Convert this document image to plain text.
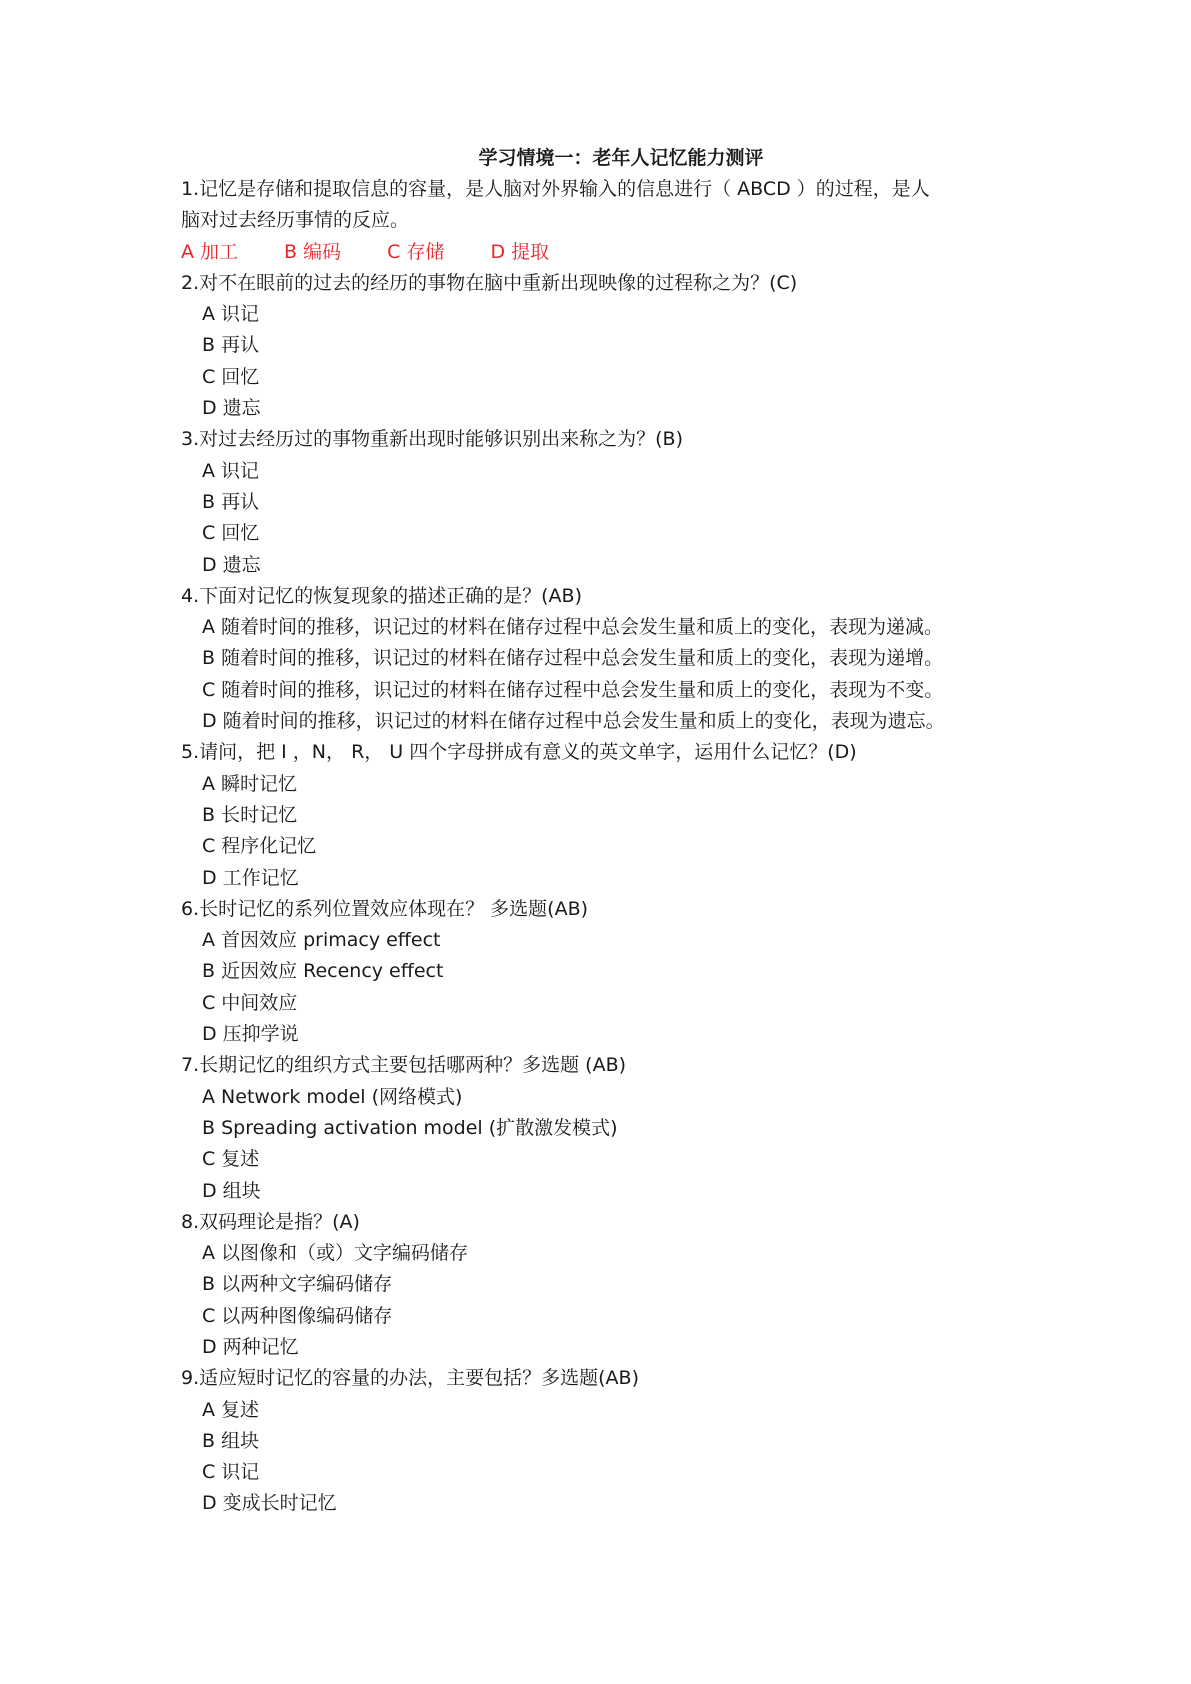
学习情境一：老年人记忆能力测评

1.记忆是存储和提取信息的容量，是人脑对外界输入的信息进行（ ABCD ）的过程，是人

脑对过去经历事情的反应。

A 加工 B 编码 C 存储 D 提取

2.对不在眼前的过去的经历的事物在脑中重新出现映像的过程称之为？(C)

A 识记

B 再认

C 回忆

D 遗忘

3.对过去经历过的事物重新出现时能够识别出来称之为？(B)

A 识记

B 再认

C 回忆

D 遗忘

4.下面对记忆的恢复现象的描述正确的是？(AB)

A 随着时间的推移，识记过的材料在储存过程中总会发生量和质上的变化，表现为递减。

B 随着时间的推移，识记过的材料在储存过程中总会发生量和质上的变化，表现为递增。

C 随着时间的推移，识记过的材料在储存过程中总会发生量和质上的变化，表现为不变。

D 随着时间的推移，识记过的材料在储存过程中总会发生量和质上的变化，表现为遗忘。

5.请问，把 I ，N， R， U 四个字母拼成有意义的英文单字，运用什么记忆？(D)

A 瞬时记忆

B 长时记忆

C 程序化记忆

D 工作记忆

6.长时记忆的系列位置效应体现在？ 多选题(AB)

A 首因效应 primacy effect

B 近因效应 Recency effect

C 中间效应

D 压抑学说

7.长期记忆的组织方式主要包括哪两种？多选题 (AB)

A Network model (网络模式)

B Spreading activation model (扩散激发模式)

C 复述

D 组块

8.双码理论是指？(A)

A 以图像和（或）文字编码储存

B 以两种文字编码储存

C 以两种图像编码储存

D 两种记忆

9.适应短时记忆的容量的办法，主要包括？多选题(AB)

A 复述

B 组块

C 识记

D 变成长时记忆
